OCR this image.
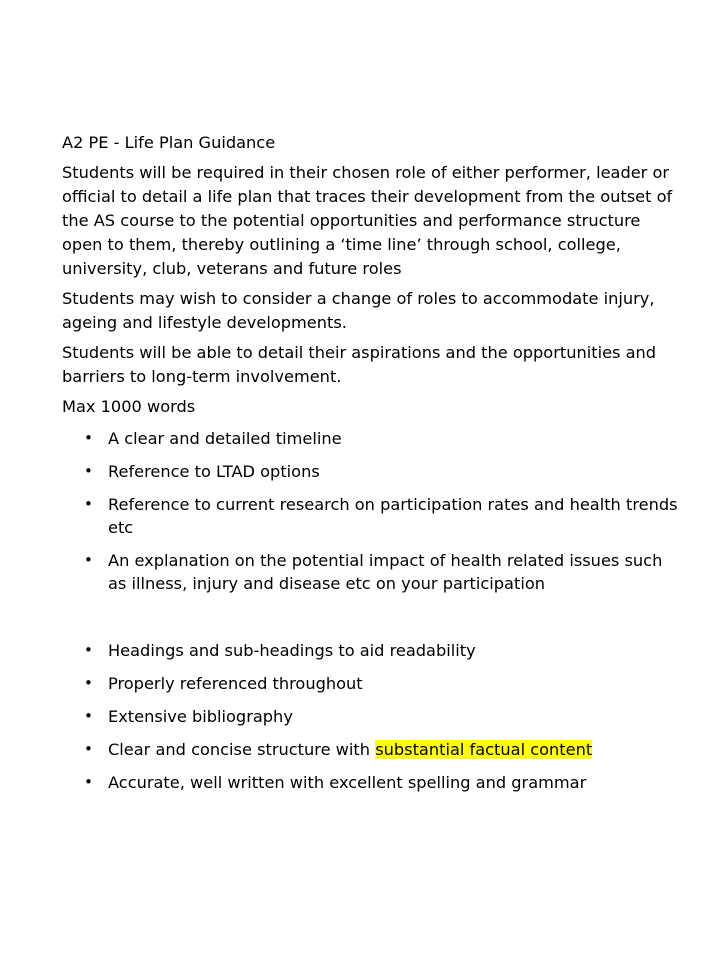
A2 PE - Life Plan Guidance

Students will be required in their chosen role of either performer, leader or official to detail a life plan that traces their development from the outset of the AS course to the potential opportunities and performance structure open to them, thereby outlining a ‘time line’ through school, college, university, club, veterans and future roles

Students may wish to consider a change of roles to accommodate injury, ageing and lifestyle developments.

Students will be able to detail their aspirations and the opportunities and barriers to long-term involvement.

Max 1000 words

• A clear and detailed timeline
• Reference to LTAD options
• Reference to current research on participation rates and health trends etc
• An explanation on the potential impact of health related issues such as illness, injury and disease etc on your participation
• Headings and sub-headings to aid readability
• Properly referenced throughout
• Extensive bibliography
• Clear and concise structure with substantial factual content
• Accurate, well written with excellent spelling and grammar
